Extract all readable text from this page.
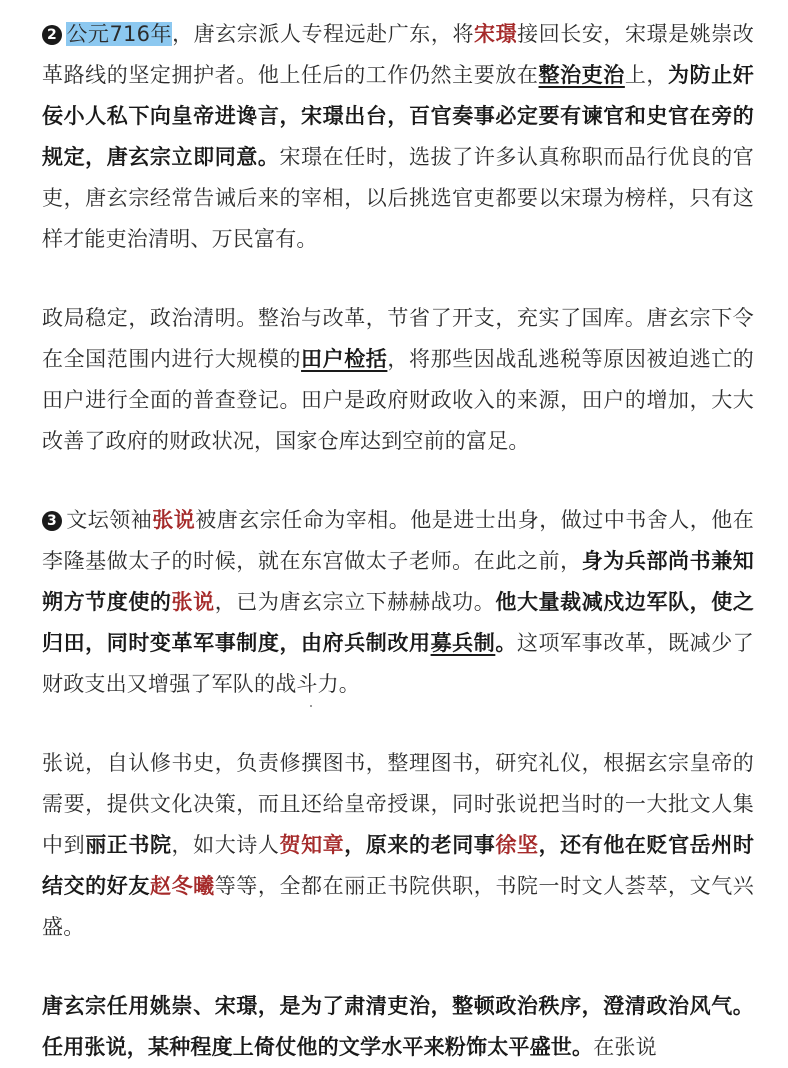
2 公元716年，唐玄宗派人专程远赴广东，将宋璟接回长安，宋璟是姚崇改革路线的坚定拥护者。他上任后的工作仍然主要放在整治吏治上，为防止奸佞小人私下向皇帝进谗言，宋璟出台，百官奏事必定要有谏官和史官在旁的规定，唐玄宗立即同意。宋璟在任时，选拔了许多认真称职而品行优良的官吏，唐玄宗经常告诫后来的宰相，以后挑选官吏都要以宋璟为榜样，只有这样才能吏治清明、万民富有。

政局稳定，政治清明。整治与改革，节省了开支，充实了国库。唐玄宗下令在全国范围内进行大规模的田户检括，将那些因战乱逃税等原因被迫逃亡的田户进行全面的普查登记。田户是政府财政收入的来源，田户的增加，大大改善了政府的财政状况，国家仓库达到空前的富足。

3 文坛领袖张说被唐玄宗任命为宰相。他是进士出身，做过中书舍人，他在李隆基做太子的时候，就在东宫做太子老师。在此之前，身为兵部尚书兼知朔方节度使的张说，已为唐玄宗立下赫赫战功。他大量裁减戍边军队，使之归田，同时变革军事制度，由府兵制改用募兵制。这项军事改革，既减少了财政支出又增强了军队的战斗力。

张说，自认修书史，负责修撰图书，整理图书，研究礼仪，根据玄宗皇帝的需要，提供文化决策，而且还给皇帝授课，同时张说把当时的一大批文人集中到丽正书院，如大诗人贺知章，原来的老同事徐坚，还有他在贬官岳州时结交的好友赵冬曦等等，全都在丽正书院供职，书院一时文人荟萃，文气兴盛。

唐玄宗任用姚崇、宋璟，是为了肃清吏治，整顿政治秩序，澄清政治风气。任用张说，某种程度上倚仗他的文学水平来粉饰太平盛世。在张说
